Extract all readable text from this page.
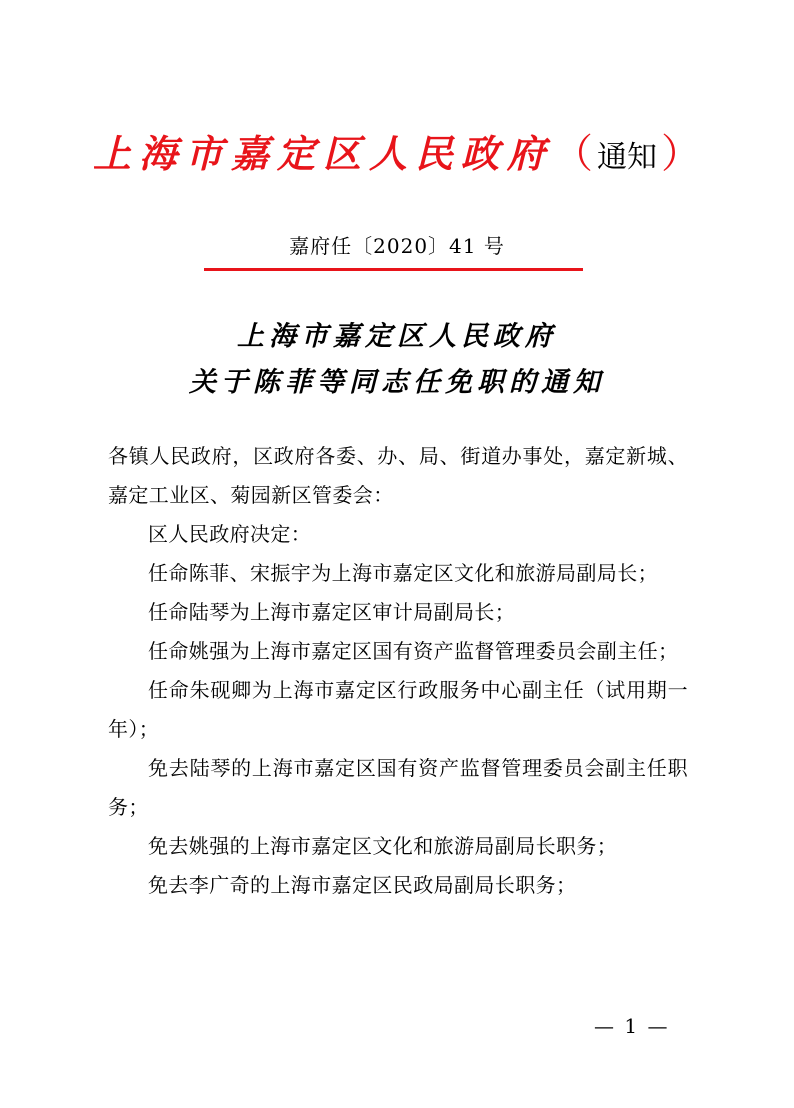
上海市嘉定区人民政府（ 通知 ）
嘉府任〔2020〕41 号
上海市嘉定区人民政府
关于陈菲等同志任免职的通知

各镇人民政府，区政府各委、办、局、街道办事处，嘉定新城、嘉定工业区、菊园新区管委会：

区人民政府决定：

任命陈菲、宋振宇为上海市嘉定区文化和旅游局副局长；

任命陆琴为上海市嘉定区审计局副局长；

任命姚强为上海市嘉定区国有资产监督管理委员会副主任；

任命朱砚卿为上海市嘉定区行政服务中心副主任（试用期一年）；

免去陆琴的上海市嘉定区国有资产监督管理委员会副主任职务；

免去姚强的上海市嘉定区文化和旅游局副局长职务；

免去李广奇的上海市嘉定区民政局副局长职务；

— 1 —
